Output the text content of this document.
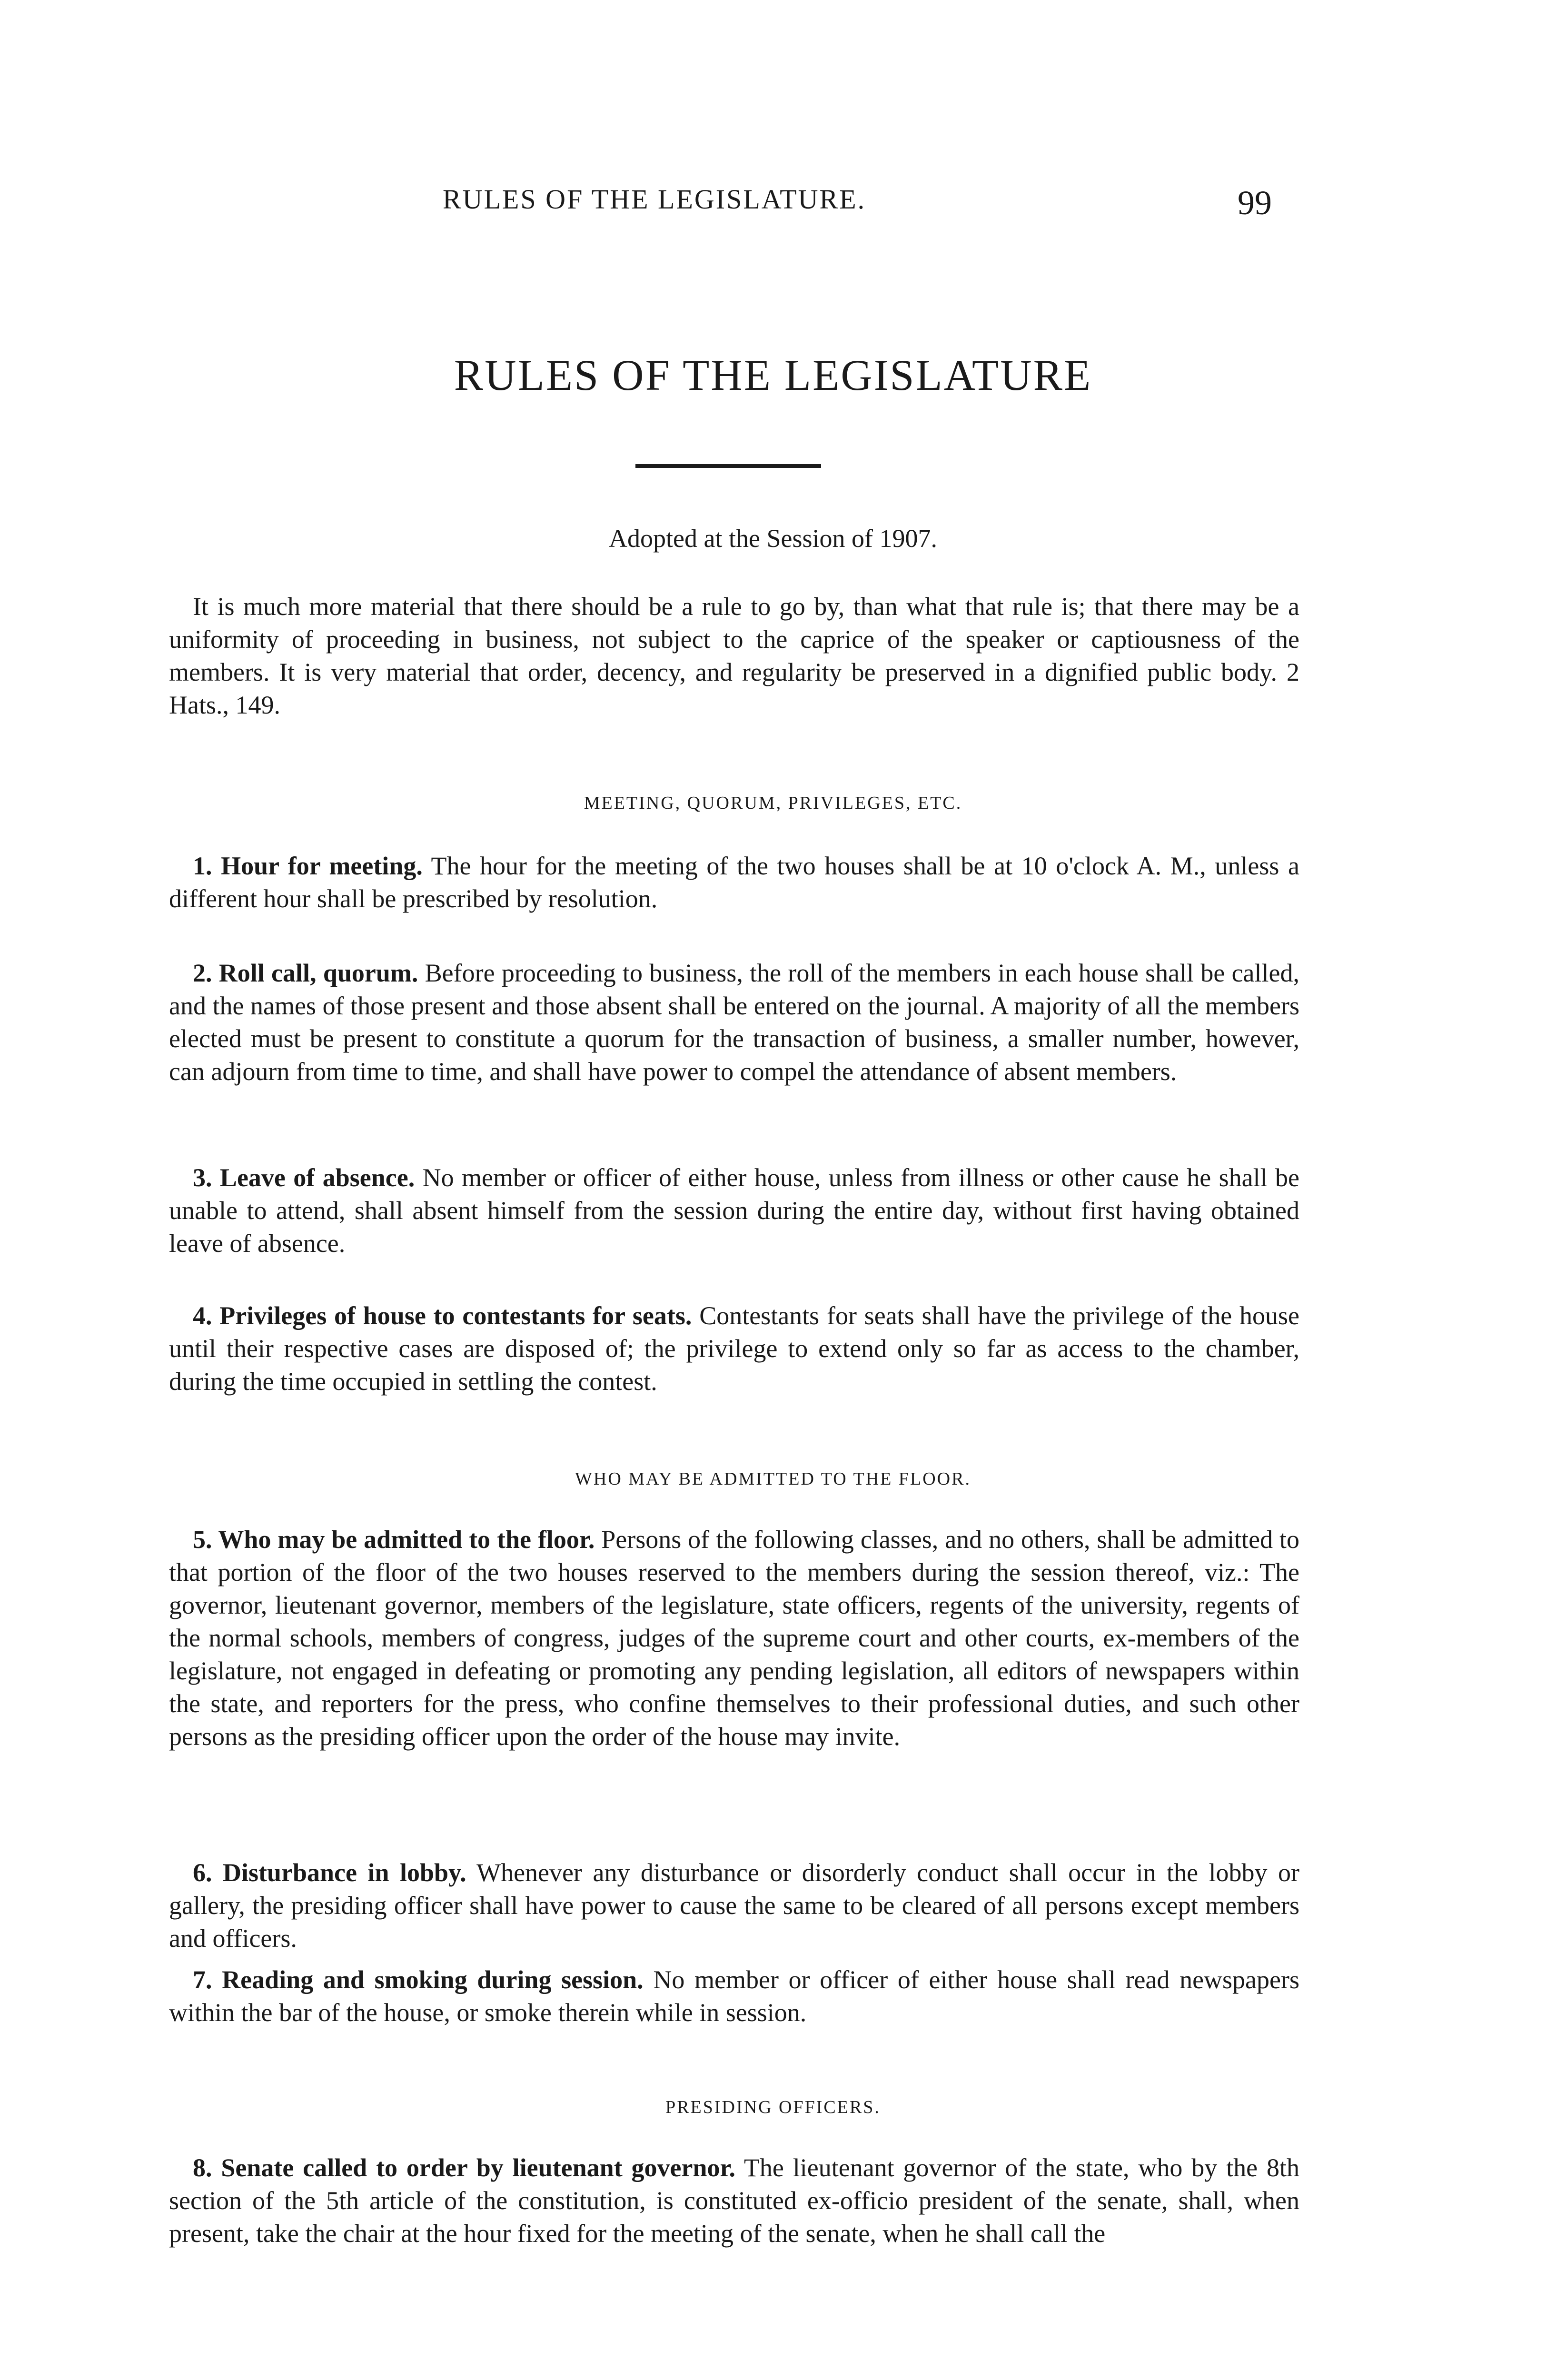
RULES OF THE LEGISLATURE.	99
RULES OF THE LEGISLATURE
Adopted at the Session of 1907.

It is much more material that there should be a rule to go by, than what that rule is; that there may be a uniformity of proceeding in business, not subject to the caprice of the speaker or captiousness of the members. It is very material that order, decency, and regularity be preserved in a dignified public body. 2 Hats., 149.

MEETING, QUORUM, PRIVILEGES, ETC.

1. Hour for meeting. The hour for the meeting of the two houses shall be at 10 o'clock A. M., unless a different hour shall be prescribed by resolution.

2. Roll call, quorum. Before proceeding to business, the roll of the members in each house shall be called, and the names of those present and those absent shall be entered on the journal. A majority of all the members elected must be present to constitute a quorum for the transaction of business, a smaller number, however, can adjourn from time to time, and shall have power to compel the attendance of absent members.

3. Leave of absence. No member or officer of either house, unless from illness or other cause he shall be unable to attend, shall absent himself from the session during the entire day, without first having obtained leave of absence.

4. Privileges of house to contestants for seats. Contestants for seats shall have the privilege of the house until their respective cases are disposed of; the privilege to extend only so far as access to the chamber, during the time occupied in settling the contest.

WHO MAY BE ADMITTED TO THE FLOOR.

5. Who may be admitted to the floor. Persons of the following classes, and no others, shall be admitted to that portion of the floor of the two houses reserved to the members during the session thereof, viz.: The governor, lieutenant governor, members of the legislature, state officers, regents of the university, regents of the normal schools, members of congress, judges of the supreme court and other courts, ex-members of the legislature, not engaged in defeating or promoting any pending legislation, all editors of newspapers within the state, and reporters for the press, who confine themselves to their professional duties, and such other persons as the presiding officer upon the order of the house may invite.

6. Disturbance in lobby. Whenever any disturbance or disorderly conduct shall occur in the lobby or gallery, the presiding officer shall have power to cause the same to be cleared of all persons except members and officers.

7. Reading and smoking during session. No member or officer of either house shall read newspapers within the bar of the house, or smoke therein while in session.

PRESIDING OFFICERS.

8. Senate called to order by lieutenant governor. The lieutenant governor of the state, who by the 8th section of the 5th article of the constitution, is constituted ex-officio president of the senate, shall, when present, take the chair at the hour fixed for the meeting of the senate, when he shall call the
